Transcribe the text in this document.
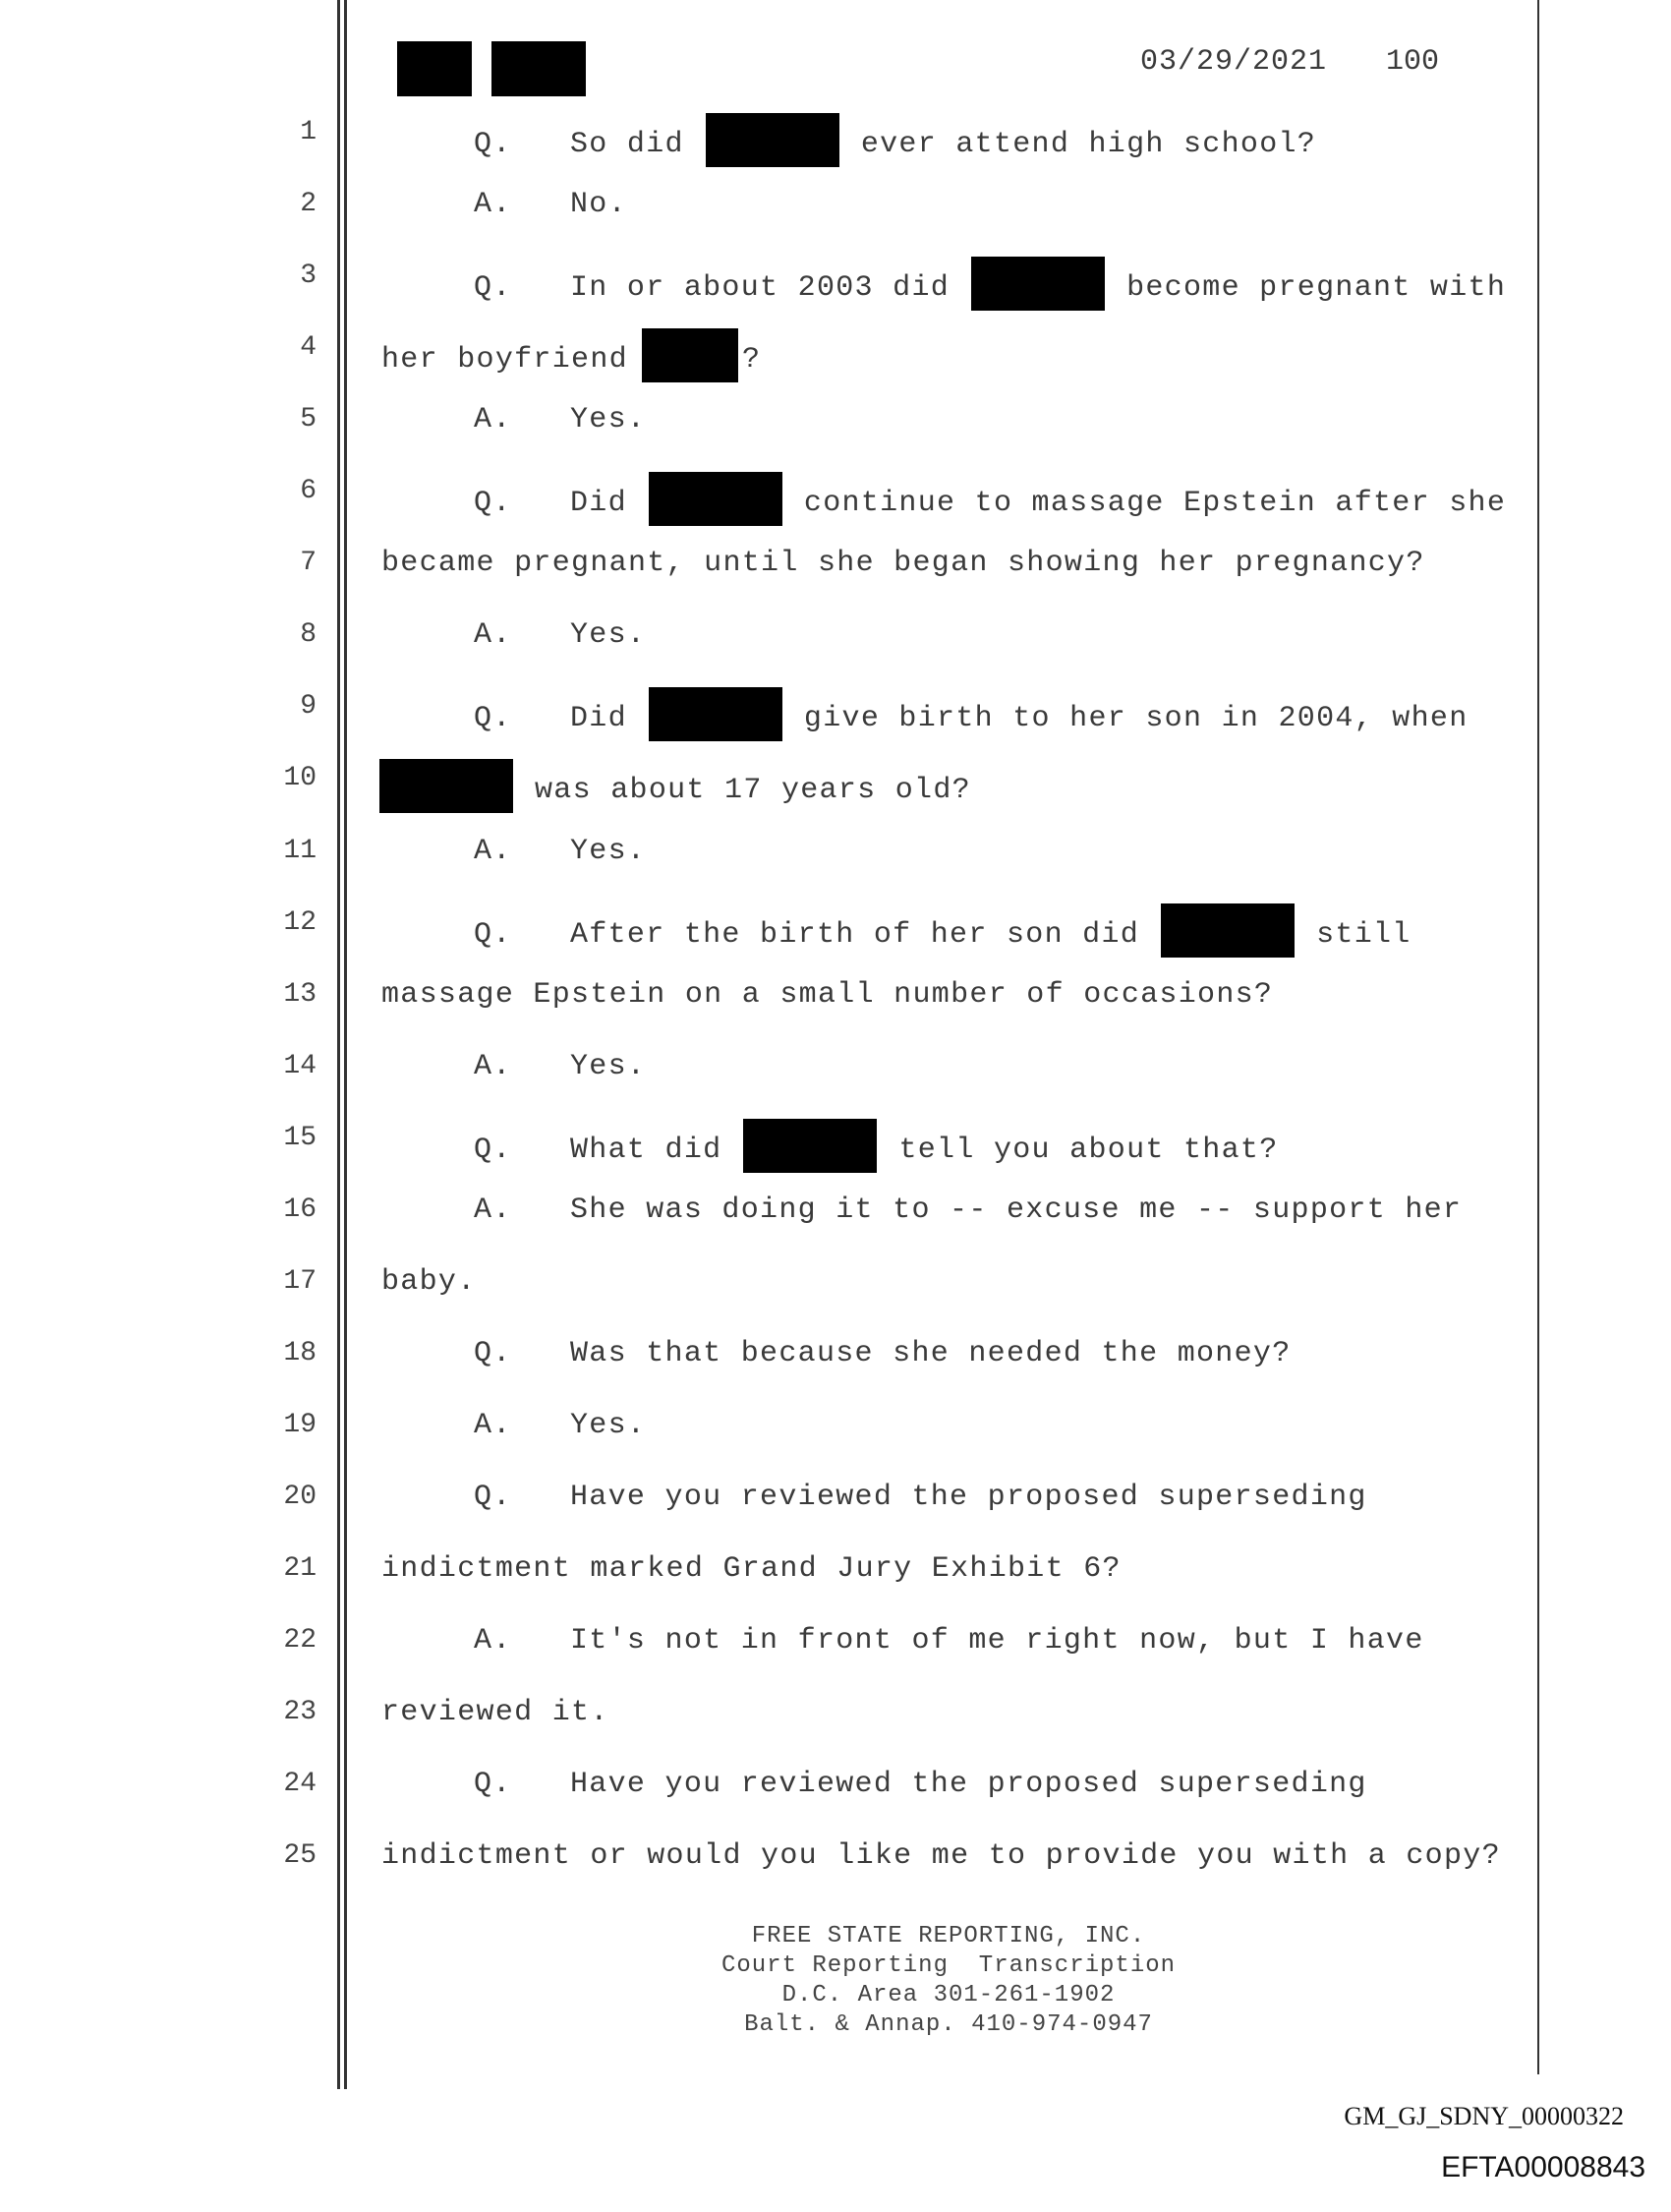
03/29/2021 100
1	Q. So did	ever attend high school?
2	A. No.
3	Q. In or about 2003 did	become pregnant with
4 her boyfriend	?
5	A. Yes.
6	Q. Did	continue to massage Epstein after she
7 became pregnant, until she began showing her pregnancy?
8	A. Yes.
9	Q. Did	give birth to her son in 2004, when
10	was about 17 years old?
11	A. Yes.
12	Q. After the birth of her son did	still
13 massage Epstein on a small number of occasions?
14	A. Yes.
15	Q. What did	tell you about that?
16	A. She was doing it to -- excuse me -- support her
17 baby.
18	Q. Was that because she needed the money?
19	A. Yes.
20	Q. Have you reviewed the proposed superseding
21 indictment marked Grand Jury Exhibit 6?
22	A. It's not in front of me right now, but I have
23 reviewed it.
24	Q. Have you reviewed the proposed superseding
25 indictment or would you like me to provide you with a copy?
FREE STATE REPORTING, INC.
Court Reporting  Transcription
D.C. Area 301-261-1902
Balt. & Annap. 410-974-0947
GM_GJ_SDNY_00000322
EFTA00008843
